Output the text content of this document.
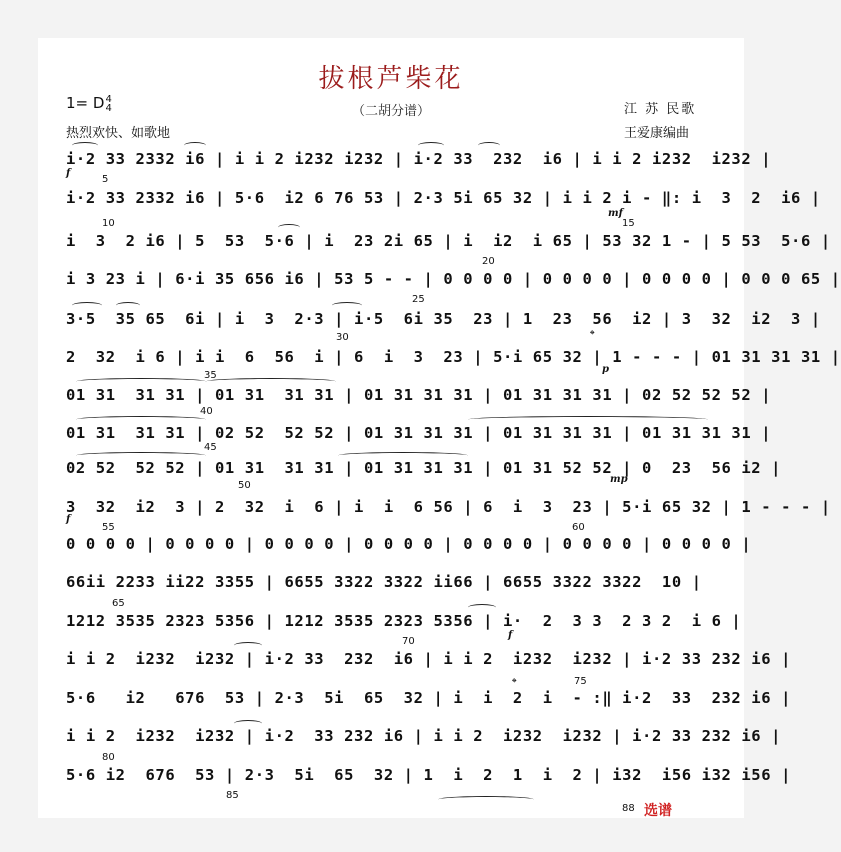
拔根芦柴花
（二胡分谱）
1= D4
4
热烈欢快、如歌地
江 苏 民歌
王爱康编曲
i·2 33 2332 i6 | i i 2 i232 i232 | i·2 33  232  i6 | i i 2 i232  i232 |
i·2 33 2332 i6 | 5·6  i2 6 76 53 | 2·3 5i 65 32 | i i 2 i - ‖: i  3  2  i6 |
i  3  2 i6 | 5  53  5·6 | i  23 2i 65 | i  i2  i 65 | 53 32 1 - | 5 53  5·6 |
i 3 23 i | 6·i 35 656 i6 | 53 5 - - | 0 0 0 0 | 0 0 0 0 | 0 0 0 0 | 0 0 0 65 |
3·5  35 65  6i | i  3  2·3 | i·5  6i 35  23 | 1  23  56  i2 | 3  32  i2  3 |
2  32  i 6 | i i  6  56  i | 6  i  3  23 | 5·i 65 32 | 1 - - - | 01 31 31 31 |
01 31  31 31 | 01 31  31 31 | 01 31 31 31 | 01 31 31 31 | 02 52 52 52 |
01 31  31 31 | 02 52  52 52 | 01 31 31 31 | 01 31 31 31 | 01 31 31 31 |
02 52  52 52 | 01 31  31 31 | 01 31 31 31 | 01 31 52 52 | 0  23  56 i2 |
3  32  i2  3 | 2  32  i  6 | i  i  6 56 | 6  i  3  23 | 5·i 65 32 | 1 - - - |
0 0 0 0 | 0 0 0 0 | 0 0 0 0 | 0 0 0 0 | 0 0 0 0 | 0 0 0 0 | 0 0 0 0 |
66ii 2233 ii22 3355 | 6655 3322 3322 ii66 | 6655 3322 3322  10 |
1212 3535 2323 5356 | 1212 3535 2323 5356 | i·  2  3 3  2 3 2  i 6 |
i i 2  i232  i232 | i·2 33  232  i6 | i i 2  i232  i232 | i·2 33 232 i6 |
5·6   i2   676  53 | 2·3  5i  65  32 | i  i  2  i  - :‖ i·2  33  232 i6 |
i i 2  i232  i232 | i·2  33 232 i6 | i i 2  i232  i232 | i·2 33 232 i6 |
5·6 i2  676  53 | 2·3  5i  65  32 | 1  i  2  1  i  2 | i32  i56 i32 i56 |
5
10	15
20
25
30
35
40
45
50
55	60
65
70
75
80
85
88
f
mf
p
mp
f
f
𝄌
𝄌
选谱
